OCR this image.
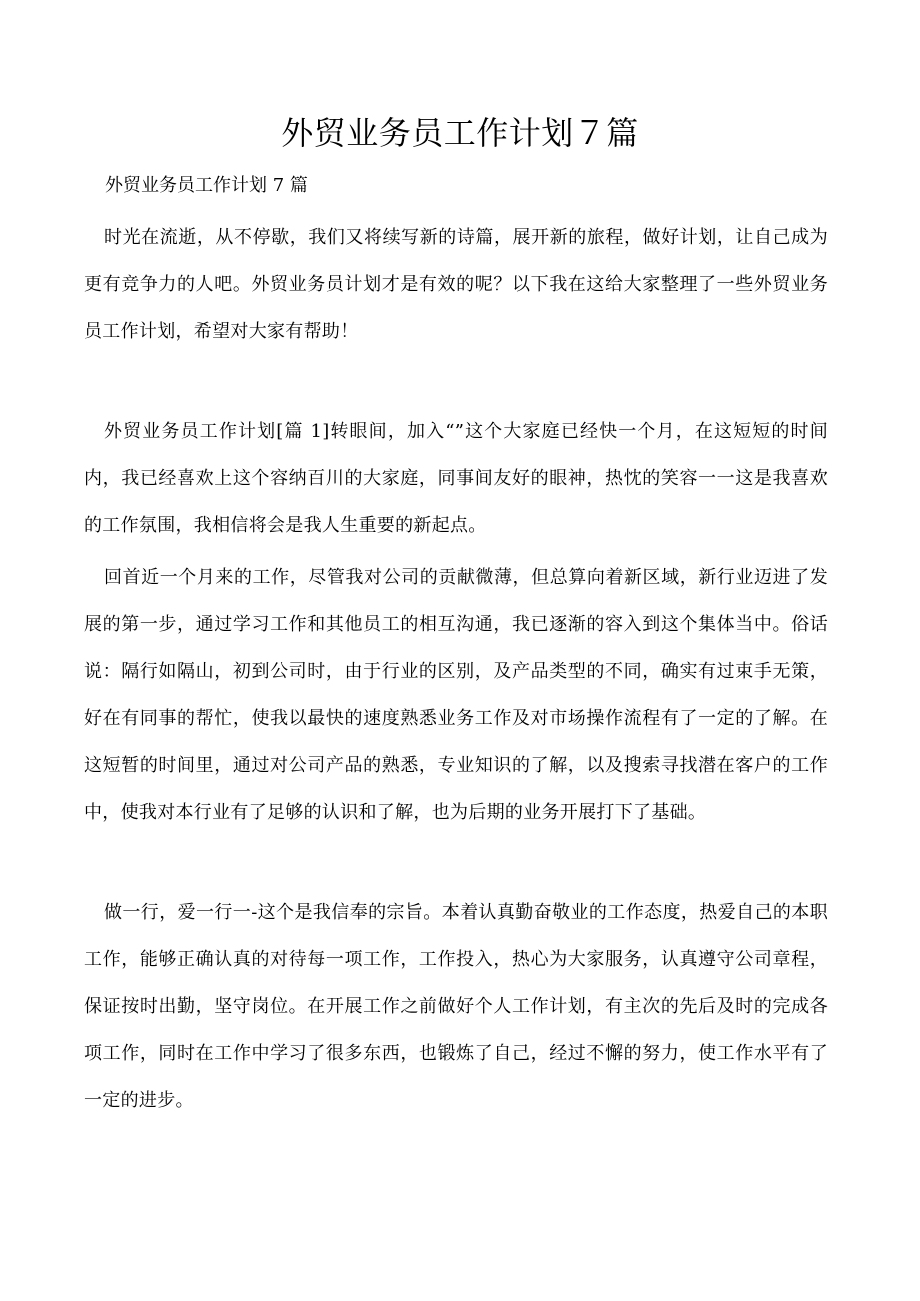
外贸业务员工作计划７篇

外贸业务员工作计划 7 篇

时光在流逝，从不停歇，我们又将续写新的诗篇，展开新的旅程，做好计划，让自己成为更有竞争力的人吧。外贸业务员计划才是有效的呢？以下我在这给大家整理了一些外贸业务员工作计划，希望对大家有帮助！

外贸业务员工作计划[篇 1]转眼间，加入“”这个大家庭已经快一个月，在这短短的时间内，我已经喜欢上这个容纳百川的大家庭，同事间友好的眼神，热忱的笑容一一这是我喜欢的工作氛围，我相信将会是我人生重要的新起点。

回首近一个月来的工作，尽管我对公司的贡献微薄，但总算向着新区域，新行业迈进了发展的第一步，通过学习工作和其他员工的相互沟通，我已逐渐的容入到这个集体当中。俗话说：隔行如隔山，初到公司时，由于行业的区别，及产品类型的不同，确实有过束手无策，好在有同事的帮忙，使我以最快的速度熟悉业务工作及对市场操作流程有了一定的了解。在这短暂的时间里，通过对公司产品的熟悉，专业知识的了解，以及搜索寻找潜在客户的工作中，使我对本行业有了足够的认识和了解，也为后期的业务开展打下了基础。

做一行，爱一行一-这个是我信奉的宗旨。本着认真勤奋敬业的工作态度，热爱自己的本职工作，能够正确认真的对待每一项工作，工作投入，热心为大家服务，认真遵守公司章程，保证按时出勤，坚守岗位。在开展工作之前做好个人工作计划，有主次的先后及时的完成各项工作，同时在工作中学习了很多东西，也锻炼了自己，经过不懈的努力，使工作水平有了一定的进步。
